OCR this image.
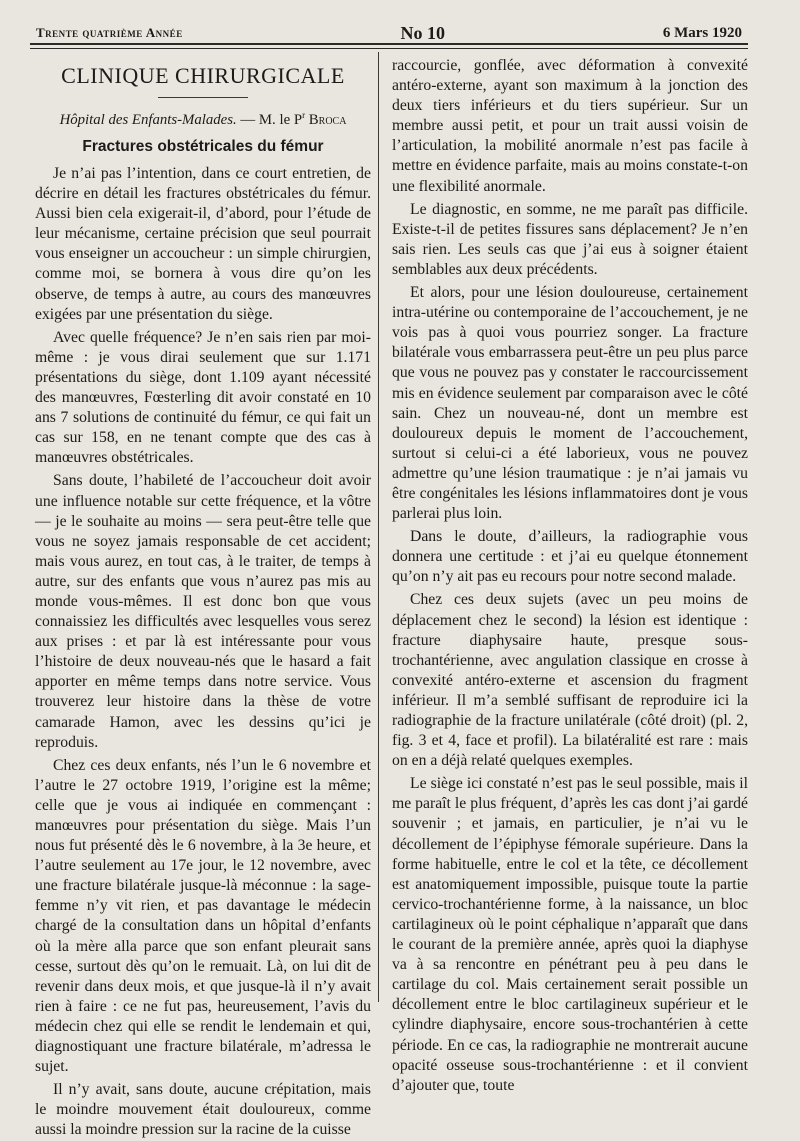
Trente quatrième Année	No 10	6 Mars 1920
CLINIQUE CHIRURGICALE
Hôpital des Enfants-Malades. — M. le $P^r$ Broca
Fractures obstétricales du fémur

Je n’ai pas l’intention, dans ce court entretien, de décrire en détail les fractures obstétricales du fémur. Aussi bien cela exigerait-il, d’abord, pour l’étude de leur mécanisme, certaine précision que seul pourrait vous enseigner un accoucheur : un simple chirurgien, comme moi, se bornera à vous dire qu’on les observe, de temps à autre, au cours des manœuvres exigées par une présentation du siège.

Avec quelle fréquence? Je n’en sais rien par moi-même : je vous dirai seulement que sur 1.171 présentations du siège, dont 1.109 ayant nécessité des manœuvres, Fœsterling dit avoir constaté en 10 ans 7 solutions de continuité du fémur, ce qui fait un cas sur 158, en ne tenant compte que des cas à manœuvres obstétricales.

Sans doute, l’habileté de l’accoucheur doit avoir une influence notable sur cette fréquence, et la vôtre — je le souhaite au moins — sera peut-être telle que vous ne soyez jamais responsable de cet accident; mais vous aurez, en tout cas, à le traiter, de temps à autre, sur des enfants que vous n’aurez pas mis au monde vous-mêmes. Il est donc bon que vous connaissiez les difficultés avec lesquelles vous serez aux prises : et par là est intéressante pour vous l’histoire de deux nouveau-nés que le hasard a fait apporter en même temps dans notre service. Vous trouverez leur histoire dans la thèse de votre camarade Hamon, avec les dessins qu’ici je reproduis.

Chez ces deux enfants, nés l’un le 6 novembre et l’autre le 27 octobre 1919, l’origine est la même; celle que je vous ai indiquée en commençant : manœuvres pour présentation du siège. Mais l’un nous fut présenté dès le 6 novembre, à la 3e heure, et l’autre seulement au 17e jour, le 12 novembre, avec une fracture bilatérale jusque-là méconnue : la sage-femme n’y vit rien, et pas davantage le médecin chargé de la consultation dans un hôpital d’enfants où la mère alla parce que son enfant pleurait sans cesse, surtout dès qu’on le remuait. Là, on lui dit de revenir dans deux mois, et que jusque-là il n’y avait rien à faire : ce ne fut pas, heureusement, l’avis du médecin chez qui elle se rendit le lendemain et qui, diagnostiquant une fracture bilatérale, m’adressa le sujet.

Il n’y avait, sans doute, aucune crépitation, mais le moindre mouvement était douloureux, comme aussi la moindre pression sur la racine de la cuisse

raccourcie, gonflée, avec déformation à convexité antéro-externe, ayant son maximum à la jonction des deux tiers inférieurs et du tiers supérieur. Sur un membre aussi petit, et pour un trait aussi voisin de l’articulation, la mobilité anormale n’est pas facile à mettre en évidence parfaite, mais au moins constate-t-on une flexibilité anormale.

Le diagnostic, en somme, ne me paraît pas difficile. Existe-t-il de petites fissures sans déplacement? Je n’en sais rien. Les seuls cas que j’ai eus à soigner étaient semblables aux deux précédents.

Et alors, pour une lésion douloureuse, certainement intra-utérine ou contemporaine de l’accouchement, je ne vois pas à quoi vous pourriez songer. La fracture bilatérale vous embarrassera peut-être un peu plus parce que vous ne pouvez pas y constater le raccourcissement mis en évidence seulement par comparaison avec le côté sain. Chez un nouveau-né, dont un membre est douloureux depuis le moment de l’accouchement, surtout si celui-ci a été laborieux, vous ne pouvez admettre qu’une lésion traumatique : je n’ai jamais vu être congénitales les lésions inflammatoires dont je vous parlerai plus loin.

Dans le doute, d’ailleurs, la radiographie vous donnera une certitude : et j’ai eu quelque étonnement qu’on n’y ait pas eu recours pour notre second malade.

Chez ces deux sujets (avec un peu moins de déplacement chez le second) la lésion est identique : fracture diaphysaire haute, presque sous-trochantérienne, avec angulation classique en crosse à convexité antéro-externe et ascension du fragment inférieur. Il m’a semblé suffisant de reproduire ici la radiographie de la fracture unilatérale (côté droit) (pl. 2, fig. 3 et 4, face et profil). La bilatéralité est rare : mais on en a déjà relaté quelques exemples.

Le siège ici constaté n’est pas le seul possible, mais il me paraît le plus fréquent, d’après les cas dont j’ai gardé souvenir ; et jamais, en particulier, je n’ai vu le décollement de l’épiphyse fémorale supérieure. Dans la forme habituelle, entre le col et la tête, ce décollement est anatomiquement impossible, puisque toute la partie cervico-trochantérienne forme, à la naissance, un bloc cartilagineux où le point céphalique n’apparaît que dans le courant de la première année, après quoi la diaphyse va à sa rencontre en pénétrant peu à peu dans le cartilage du col. Mais certainement serait possible un décollement entre le bloc cartilagineux supérieur et le cylindre diaphysaire, encore sous-trochantérien à cette période. En ce cas, la radiographie ne montrerait aucune opacité osseuse sous-trochantérienne : et il convient d’ajouter que, toute
